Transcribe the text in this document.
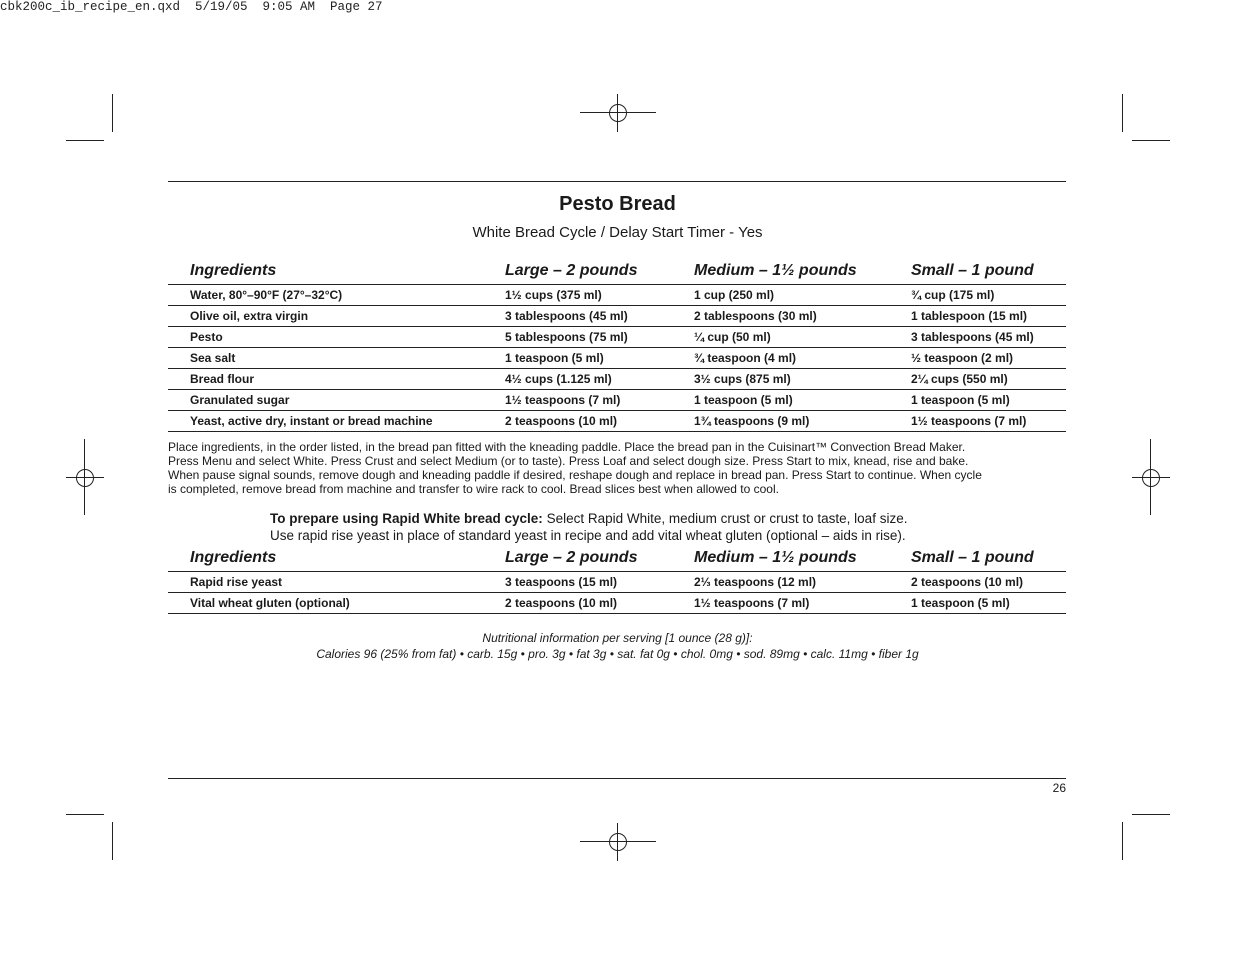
cbk200c_ib_recipe_en.qxd  5/19/05  9:05 AM  Page 27
Pesto Bread
White Bread Cycle / Delay Start Timer - Yes
Ingredients	Large – 2 pounds	Medium – 1½ pounds	Small – 1 pound
Water, 80°–90°F (27°–32°C)	1½ cups (375 ml)	1 cup (250 ml)	¾ cup (175 ml)
Olive oil, extra virgin	3 tablespoons (45 ml)	2 tablespoons (30 ml)	1 tablespoon (15 ml)
Pesto	5 tablespoons (75 ml)	¼ cup (50 ml)	3 tablespoons (45 ml)
Sea salt	1 teaspoon (5 ml)	¾ teaspoon (4 ml)	½ teaspoon (2 ml)
Bread flour	4½ cups (1.125 ml)	3½ cups (875 ml)	2¼ cups (550 ml)
Granulated sugar	1½ teaspoons (7 ml)	1 teaspoon (5 ml)	1 teaspoon (5 ml)
Yeast, active dry, instant or bread machine	2 teaspoons (10 ml)	1¾ teaspoons (9 ml)	1½ teaspoons (7 ml)
Place ingredients, in the order listed, in the bread pan fitted with the kneading paddle. Place the bread pan in the Cuisinart™ Convection Bread Maker.
Press Menu and select White. Press Crust and select Medium (or to taste). Press Loaf and select dough size. Press Start to mix, knead, rise and bake.
When pause signal sounds, remove dough and kneading paddle if desired, reshape dough and replace in bread pan. Press Start to continue. When cycle
is completed, remove bread from machine and transfer to wire rack to cool. Bread slices best when allowed to cool.
To prepare using Rapid White bread cycle: Select Rapid White, medium crust or crust to taste, loaf size.
Use rapid rise yeast in place of standard yeast in recipe and add vital wheat gluten (optional – aids in rise).
Ingredients	Large – 2 pounds	Medium – 1½ pounds	Small – 1 pound
Rapid rise yeast	3 teaspoons (15 ml)	2⅓ teaspoons (12 ml)	2 teaspoons (10 ml)
Vital wheat gluten (optional)	2 teaspoons (10 ml)	1½ teaspoons (7 ml)	1 teaspoon (5 ml)
Nutritional information per serving [1 ounce (28 g)]:
Calories 96 (25% from fat) • carb. 15g • pro. 3g • fat 3g • sat. fat 0g • chol. 0mg • sod. 89mg • calc. 11mg • fiber 1g
26
